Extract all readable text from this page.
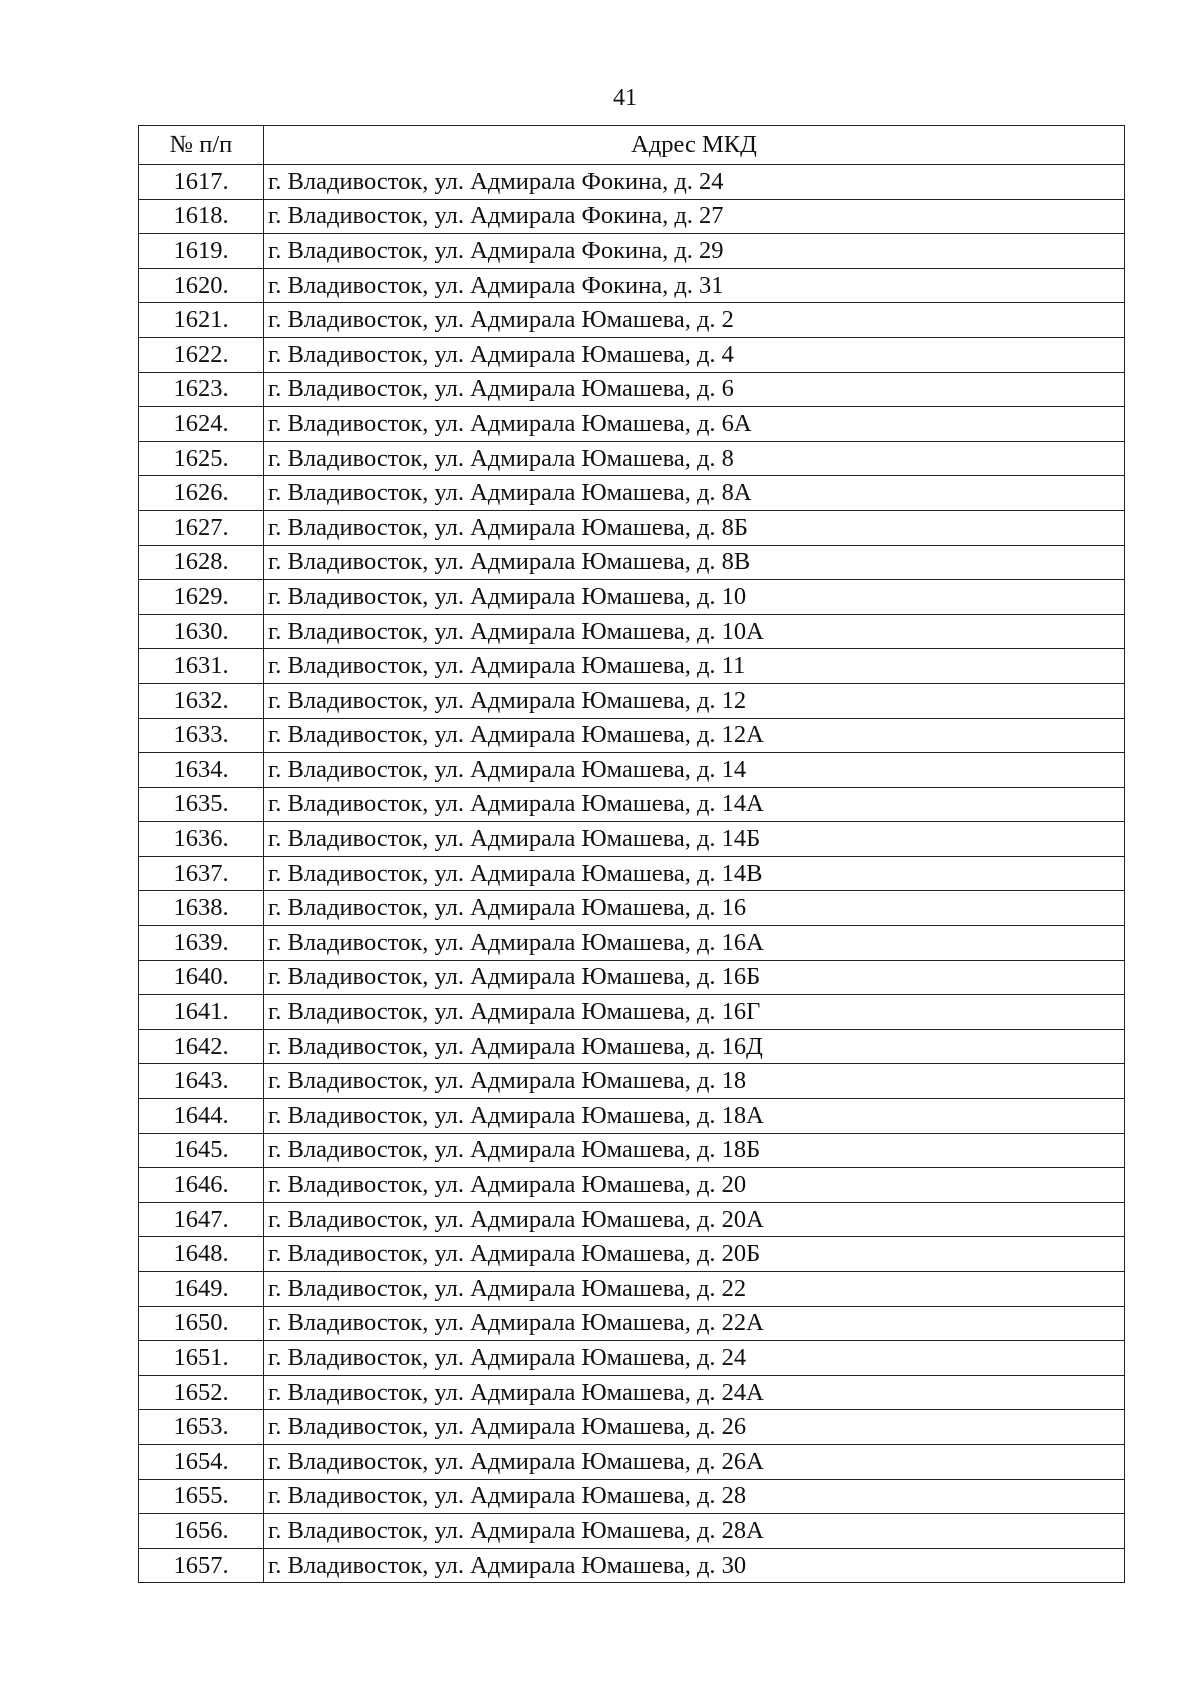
41
№ п/п	Адрес МКД
1617.	г. Владивосток, ул. Адмирала Фокина, д. 24
1618.	г. Владивосток, ул. Адмирала Фокина, д. 27
1619.	г. Владивосток, ул. Адмирала Фокина, д. 29
1620.	г. Владивосток, ул. Адмирала Фокина, д. 31
1621.	г. Владивосток, ул. Адмирала Юмашева, д. 2
1622.	г. Владивосток, ул. Адмирала Юмашева, д. 4
1623.	г. Владивосток, ул. Адмирала Юмашева, д. 6
1624.	г. Владивосток, ул. Адмирала Юмашева, д. 6А
1625.	г. Владивосток, ул. Адмирала Юмашева, д. 8
1626.	г. Владивосток, ул. Адмирала Юмашева, д. 8А
1627.	г. Владивосток, ул. Адмирала Юмашева, д. 8Б
1628.	г. Владивосток, ул. Адмирала Юмашева, д. 8В
1629.	г. Владивосток, ул. Адмирала Юмашева, д. 10
1630.	г. Владивосток, ул. Адмирала Юмашева, д. 10А
1631.	г. Владивосток, ул. Адмирала Юмашева, д. 11
1632.	г. Владивосток, ул. Адмирала Юмашева, д. 12
1633.	г. Владивосток, ул. Адмирала Юмашева, д. 12А
1634.	г. Владивосток, ул. Адмирала Юмашева, д. 14
1635.	г. Владивосток, ул. Адмирала Юмашева, д. 14А
1636.	г. Владивосток, ул. Адмирала Юмашева, д. 14Б
1637.	г. Владивосток, ул. Адмирала Юмашева, д. 14В
1638.	г. Владивосток, ул. Адмирала Юмашева, д. 16
1639.	г. Владивосток, ул. Адмирала Юмашева, д. 16А
1640.	г. Владивосток, ул. Адмирала Юмашева, д. 16Б
1641.	г. Владивосток, ул. Адмирала Юмашева, д. 16Г
1642.	г. Владивосток, ул. Адмирала Юмашева, д. 16Д
1643.	г. Владивосток, ул. Адмирала Юмашева, д. 18
1644.	г. Владивосток, ул. Адмирала Юмашева, д. 18А
1645.	г. Владивосток, ул. Адмирала Юмашева, д. 18Б
1646.	г. Владивосток, ул. Адмирала Юмашева, д. 20
1647.	г. Владивосток, ул. Адмирала Юмашева, д. 20А
1648.	г. Владивосток, ул. Адмирала Юмашева, д. 20Б
1649.	г. Владивосток, ул. Адмирала Юмашева, д. 22
1650.	г. Владивосток, ул. Адмирала Юмашева, д. 22А
1651.	г. Владивосток, ул. Адмирала Юмашева, д. 24
1652.	г. Владивосток, ул. Адмирала Юмашева, д. 24А
1653.	г. Владивосток, ул. Адмирала Юмашева, д. 26
1654.	г. Владивосток, ул. Адмирала Юмашева, д. 26А
1655.	г. Владивосток, ул. Адмирала Юмашева, д. 28
1656.	г. Владивосток, ул. Адмирала Юмашева, д. 28А
1657.	г. Владивосток, ул. Адмирала Юмашева, д. 30
